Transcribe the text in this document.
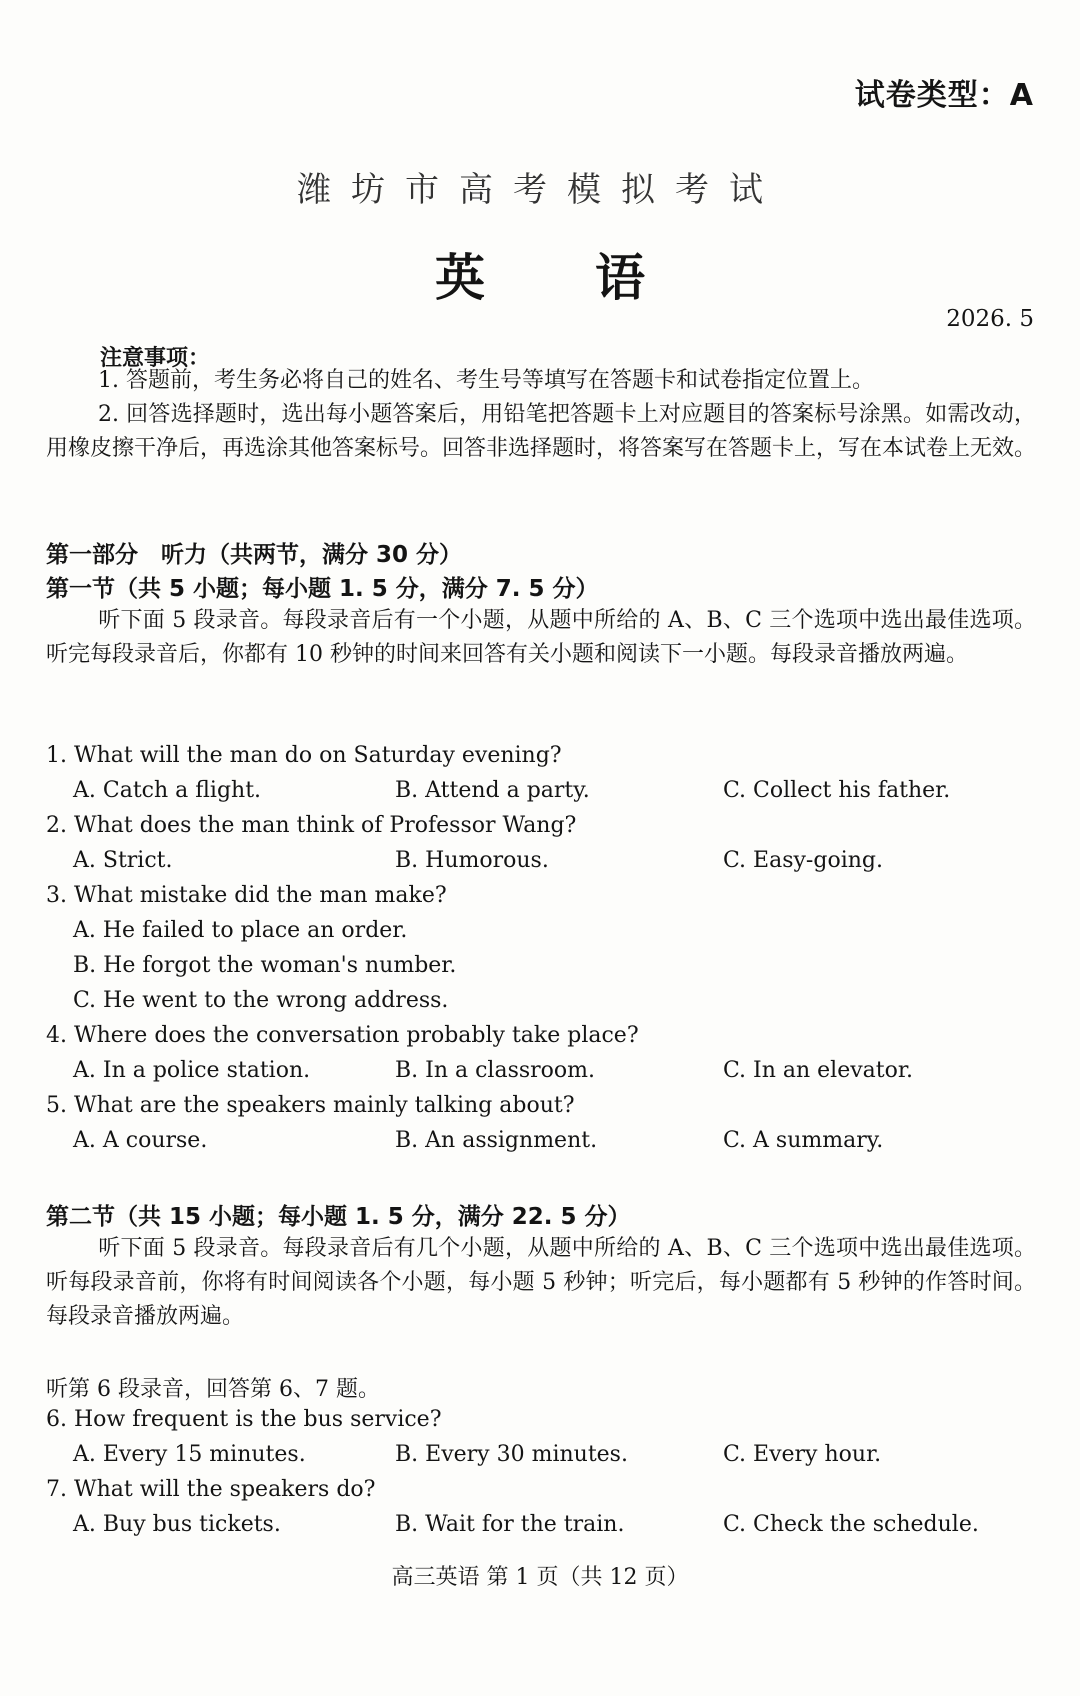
试卷类型：A
潍坊市高考模拟考试
英语
2026. 5
注意事项：
1. 答题前，考生务必将自己的姓名、考生号等填写在答题卡和试卷指定位置上。
2. 回答选择题时，选出每小题答案后，用铅笔把答题卡上对应题目的答案标号涂黑。如需改动，用橡皮擦干净后，再选涂其他答案标号。回答非选择题时，将答案写在答题卡上，写在本试卷上无效。
第一部分　听力（共两节，满分 30 分）
第一节（共 5 小题；每小题 1. 5 分，满分 7. 5 分）
听下面 5 段录音。每段录音后有一个小题，从题中所给的 A、B、C 三个选项中选出最佳选项。听完每段录音后，你都有 10 秒钟的时间来回答有关小题和阅读下一小题。每段录音播放两遍。
1. What will the man do on Saturday evening?
A. Catch a flight.	B. Attend a party.	C. Collect his father.
2. What does the man think of Professor Wang?
A. Strict.	B. Humorous.	C. Easy-going.
3. What mistake did the man make?
A. He failed to place an order.
B. He forgot the woman's number.
C. He went to the wrong address.
4. Where does the conversation probably take place?
A. In a police station.	B. In a classroom.	C. In an elevator.
5. What are the speakers mainly talking about?
A. A course.	B. An assignment.	C. A summary.
第二节（共 15 小题；每小题 1. 5 分，满分 22. 5 分）
听下面 5 段录音。每段录音后有几个小题，从题中所给的 A、B、C 三个选项中选出最佳选项。听每段录音前，你将有时间阅读各个小题，每小题 5 秒钟；听完后，每小题都有 5 秒钟的作答时间。每段录音播放两遍。
听第 6 段录音，回答第 6、7 题。
6. How frequent is the bus service?
A. Every 15 minutes.	B. Every 30 minutes.	C. Every hour.
7. What will the speakers do?
A. Buy bus tickets.	B. Wait for the train.	C. Check the schedule.
高三英语 第 1 页（共 12 页）
